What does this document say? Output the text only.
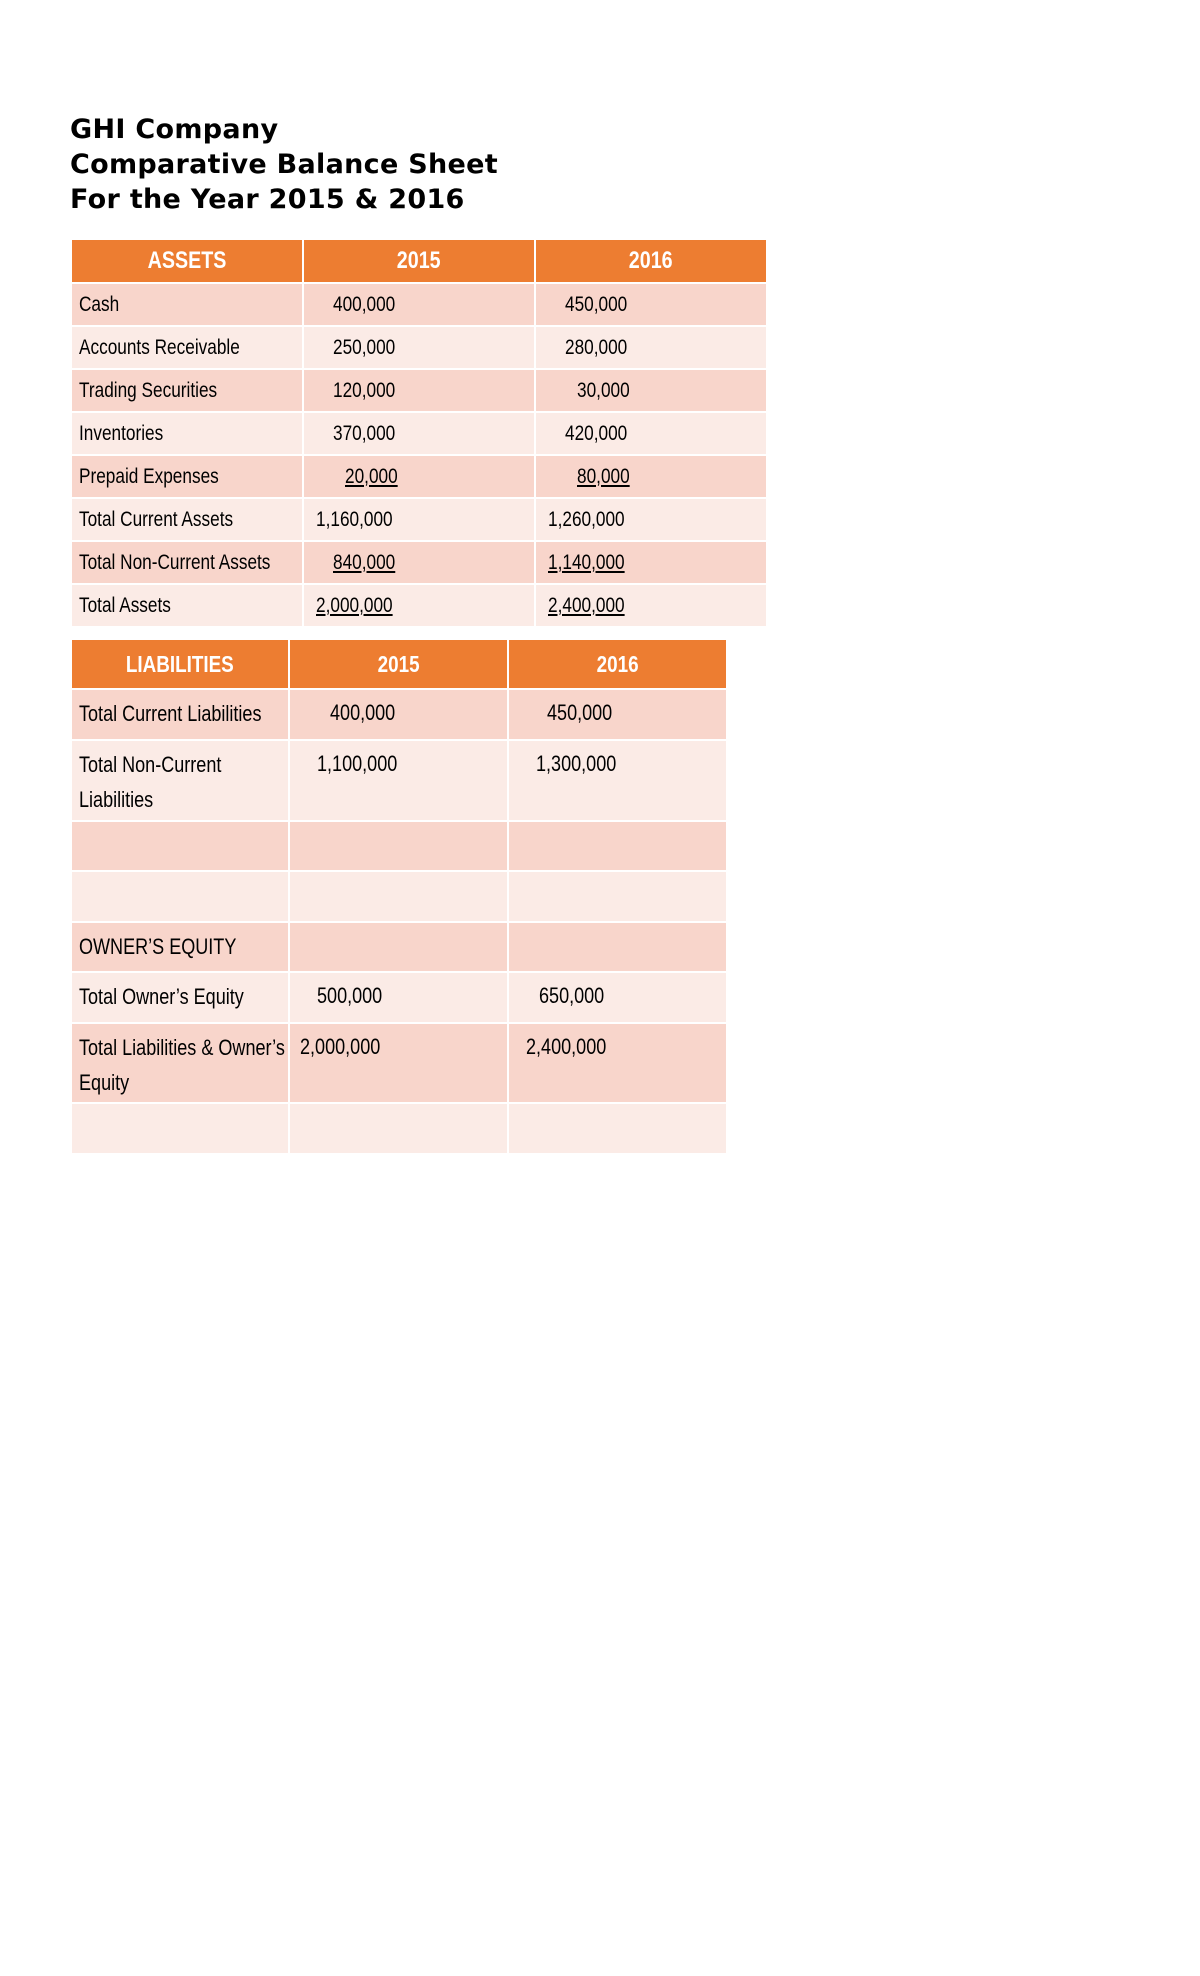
GHI Company
Comparative Balance Sheet
For the Year 2015 & 2016
ASSETS	2015	2016
Cash	400,000	450,000
Accounts Receivable	250,000	280,000
Trading Securities	120,000	30,000
Inventories	370,000	420,000
Prepaid Expenses	20,000	80,000
Total Current Assets	1,160,000	1,260,000
Total Non-Current Assets	840,000	1,140,000
Total Assets	2,000,000	2,400,000
LIABILITIES	2015	2016
Total Current Liabilities	400,000	450,000
Total Non-Current Liabilities	1,100,000	1,300,000

OWNER’S EQUITY		
Total Owner’s Equity	500,000	650,000
Total Liabilities & Owner’s Equity	2,000,000	2,400,000
